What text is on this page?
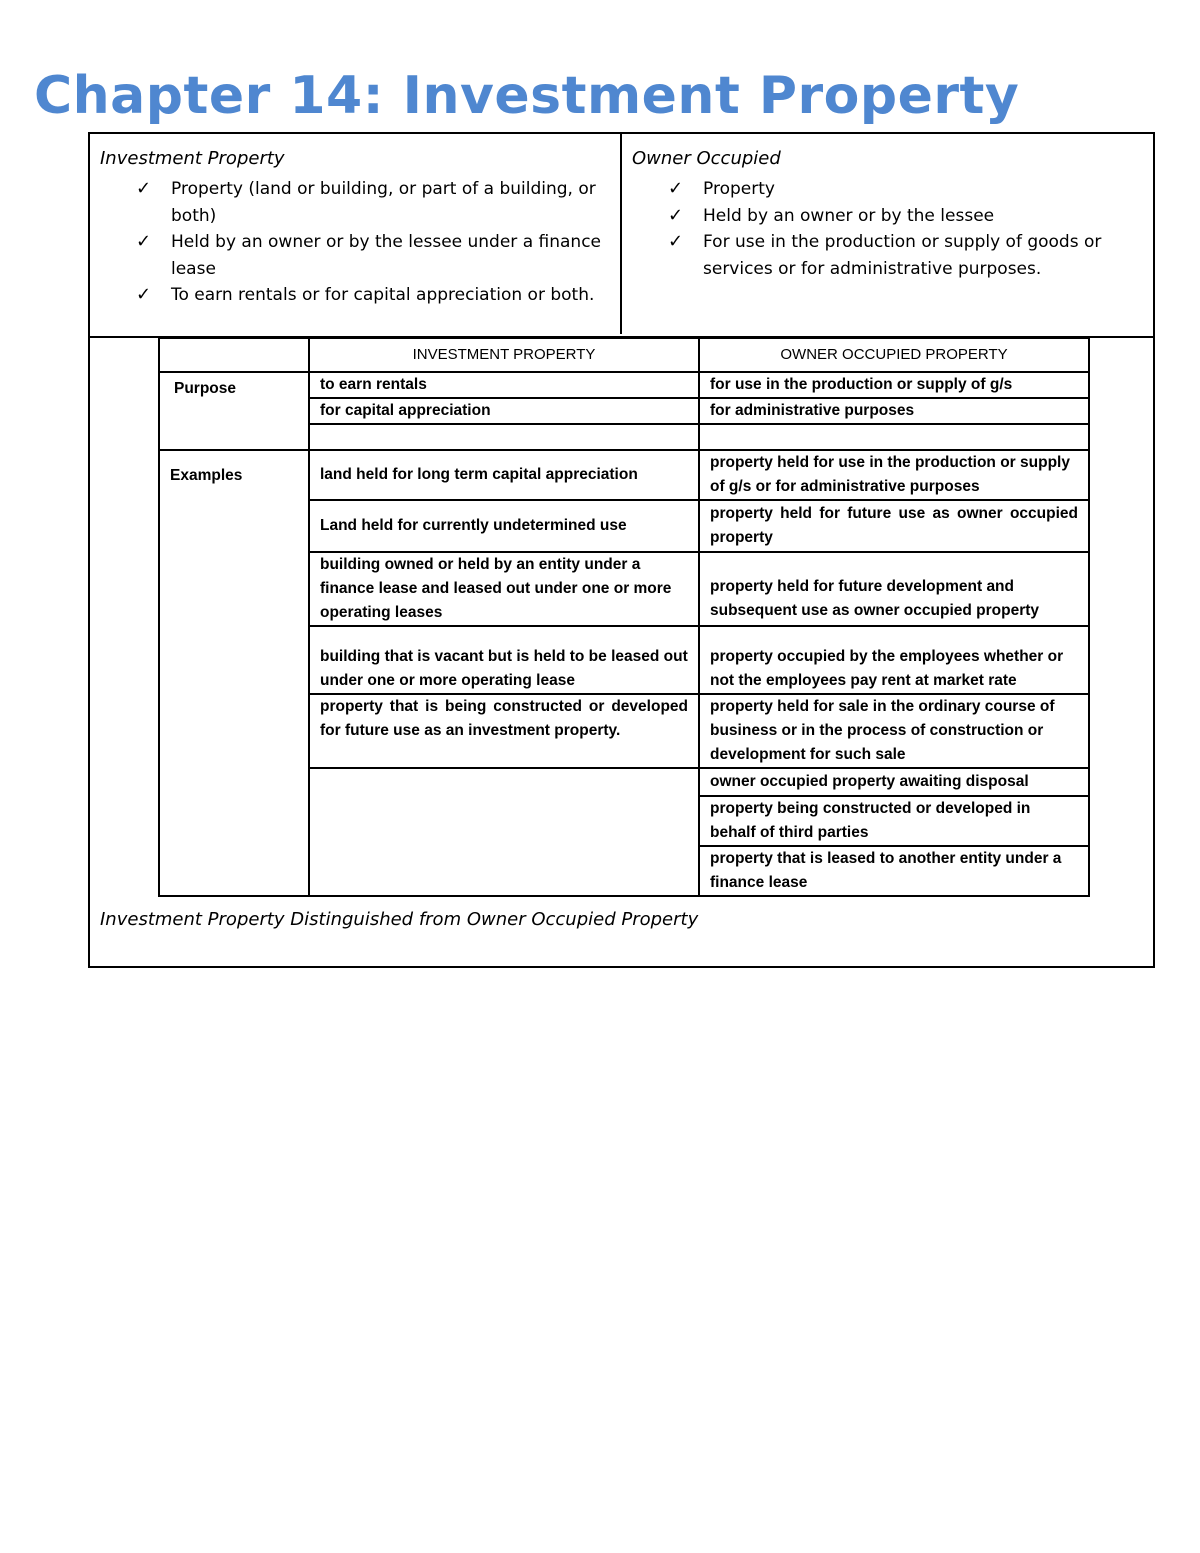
Chapter 14: Investment Property
Investment Property
✓ Property (land or building, or part of a building, or both)
✓ Held by an owner or by the lessee under a finance lease
✓ To earn rentals or for capital appreciation or both.
Owner Occupied
✓ Property
✓ Held by an owner or by the lessee
✓ For use in the production or supply of goods or services or for administrative purposes.
	INVESTMENT PROPERTY	OWNER OCCUPIED PROPERTY
Purpose	to earn rentals	for use in the production or supply of g/s
	for capital appreciation	for administrative purposes

Examples	land held for long term capital appreciation	property held for use in the production or supply of g/s or for administrative purposes
	Land held for currently undetermined use	property held for future use as owner occupied property
	building owned or held by an entity under a finance lease and leased out under one or more operating leases	property held for future development and subsequent use as owner occupied property
	building that is vacant but is held to be leased out under one or more operating lease	property occupied by the employees whether or not the employees pay rent at market rate
	property that is being constructed or developed for future use as an investment property.	property held for sale in the ordinary course of business or in the process of construction or development for such sale
		owner occupied property awaiting disposal
		property being constructed or developed in behalf of third parties
		property that is leased to another entity under a finance lease
Investment Property Distinguished from Owner Occupied Property
